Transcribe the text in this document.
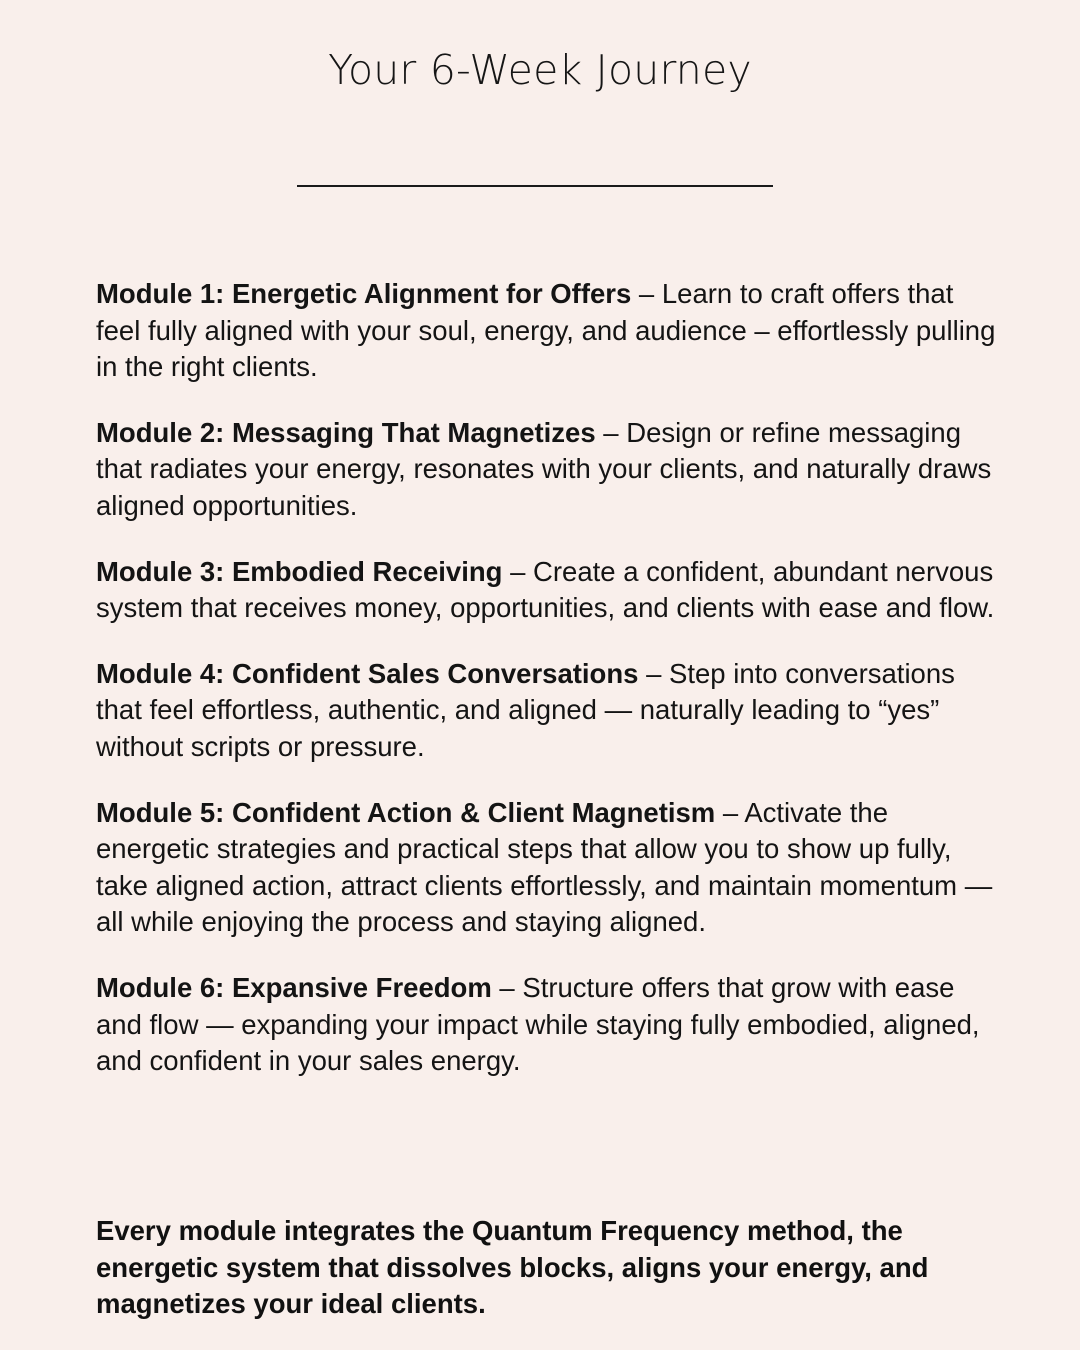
Your 6-Week Journey

Module 1: Energetic Alignment for Offers – Learn to craft offers that feel fully aligned with your soul, energy, and audience – effortlessly pulling in the right clients.

Module 2: Messaging That Magnetizes – Design or refine messaging that radiates your energy, resonates with your clients, and naturally draws aligned opportunities.

Module 3: Embodied Receiving – Create a confident, abundant nervous system that receives money, opportunities, and clients with ease and flow.

Module 4: Confident Sales Conversations – Step into conversations that feel effortless, authentic, and aligned — naturally leading to “yes” without scripts or pressure.

Module 5: Confident Action & Client Magnetism – Activate the energetic strategies and practical steps that allow you to show up fully, take aligned action, attract clients effortlessly, and maintain momentum — all while enjoying the process and staying aligned.

Module 6: Expansive Freedom – Structure offers that grow with ease and flow — expanding your impact while staying fully embodied, aligned, and confident in your sales energy.

Every module integrates the Quantum Frequency method, the energetic system that dissolves blocks, aligns your energy, and magnetizes your ideal clients.
